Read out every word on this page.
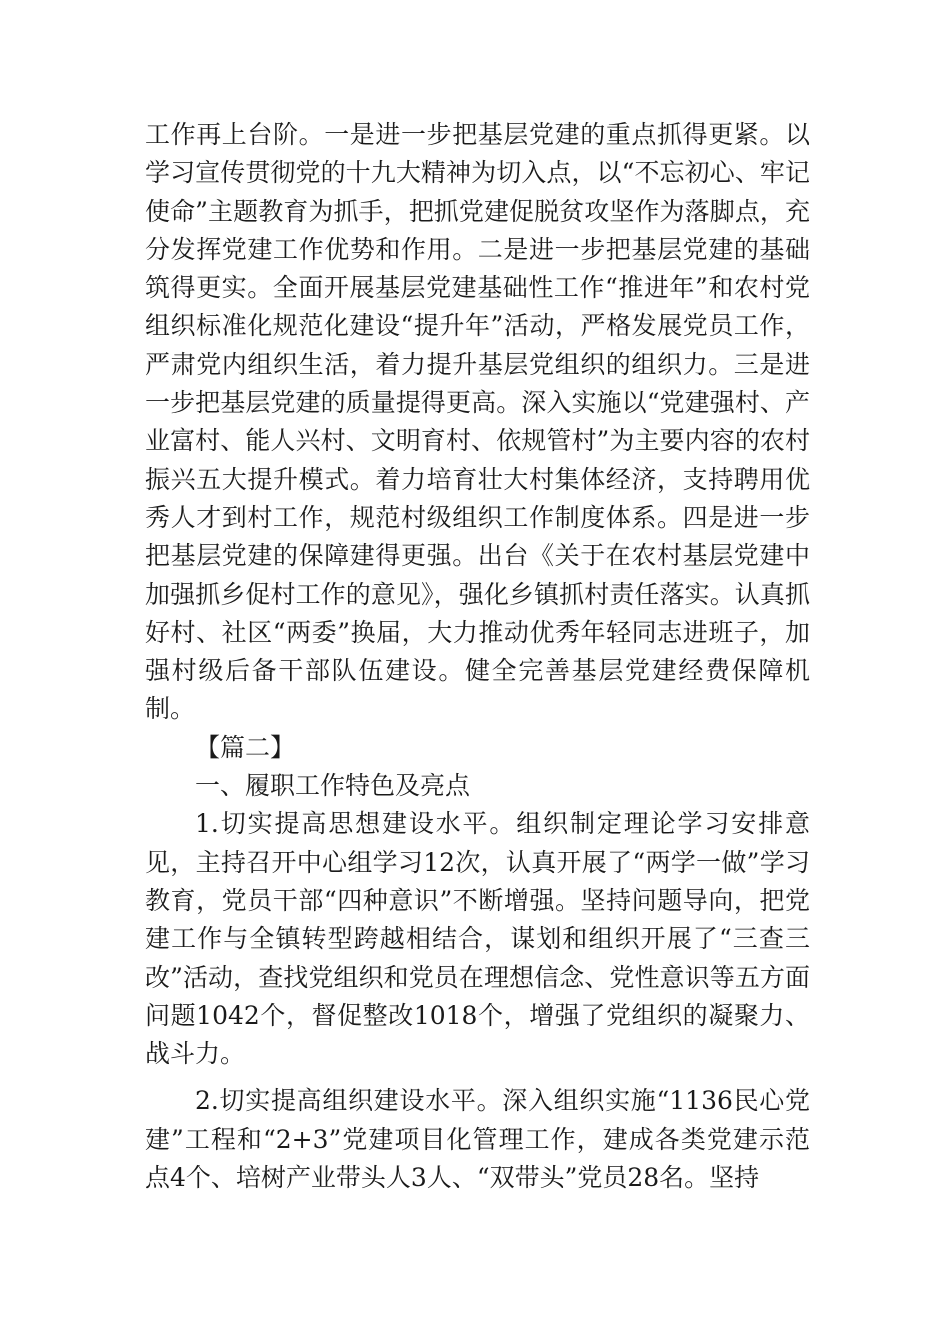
工作再上台阶。一是进一步把基层党建的重点抓得更紧。以学习宣传贯彻党的十九大精神为切入点，以“不忘初心、牢记使命”主题教育为抓手，把抓党建促脱贫攻坚作为落脚点，充分发挥党建工作优势和作用。二是进一步把基层党建的基础筑得更实。全面开展基层党建基础性工作“推进年”和农村党组织标准化规范化建设“提升年”活动，严格发展党员工作，严肃党内组织生活，着力提升基层党组织的组织力。三是进一步把基层党建的质量提得更高。深入实施以“党建强村、产业富村、能人兴村、文明育村、依规管村”为主要内容的农村振兴五大提升模式。着力培育壮大村集体经济，支持聘用优秀人才到村工作，规范村级组织工作制度体系。四是进一步把基层党建的保障建得更强。出台《关于在农村基层党建中加强抓乡促村工作的意见》，强化乡镇抓村责任落实。认真抓好村、社区“两委”换届，大力推动优秀年轻同志进班子，加强村级后备干部队伍建设。健全完善基层党建经费保障机制。

【篇二】

一、履职工作特色及亮点

1.切实提高思想建设水平。组织制定理论学习安排意见，主持召开中心组学习12次，认真开展了“两学一做”学习教育，党员干部“四种意识”不断增强。坚持问题导向，把党建工作与全镇转型跨越相结合，谋划和组织开展了“三查三改”活动，查找党组织和党员在理想信念、党性意识等五方面问题1042个，督促整改1018个，增强了党组织的凝聚力、战斗力。

2.切实提高组织建设水平。深入组织实施“1136民心党建”工程和“2+3”党建项目化管理工作，建成各类党建示范点4个、培树产业带头人3人、“双带头”党员28名。坚持
